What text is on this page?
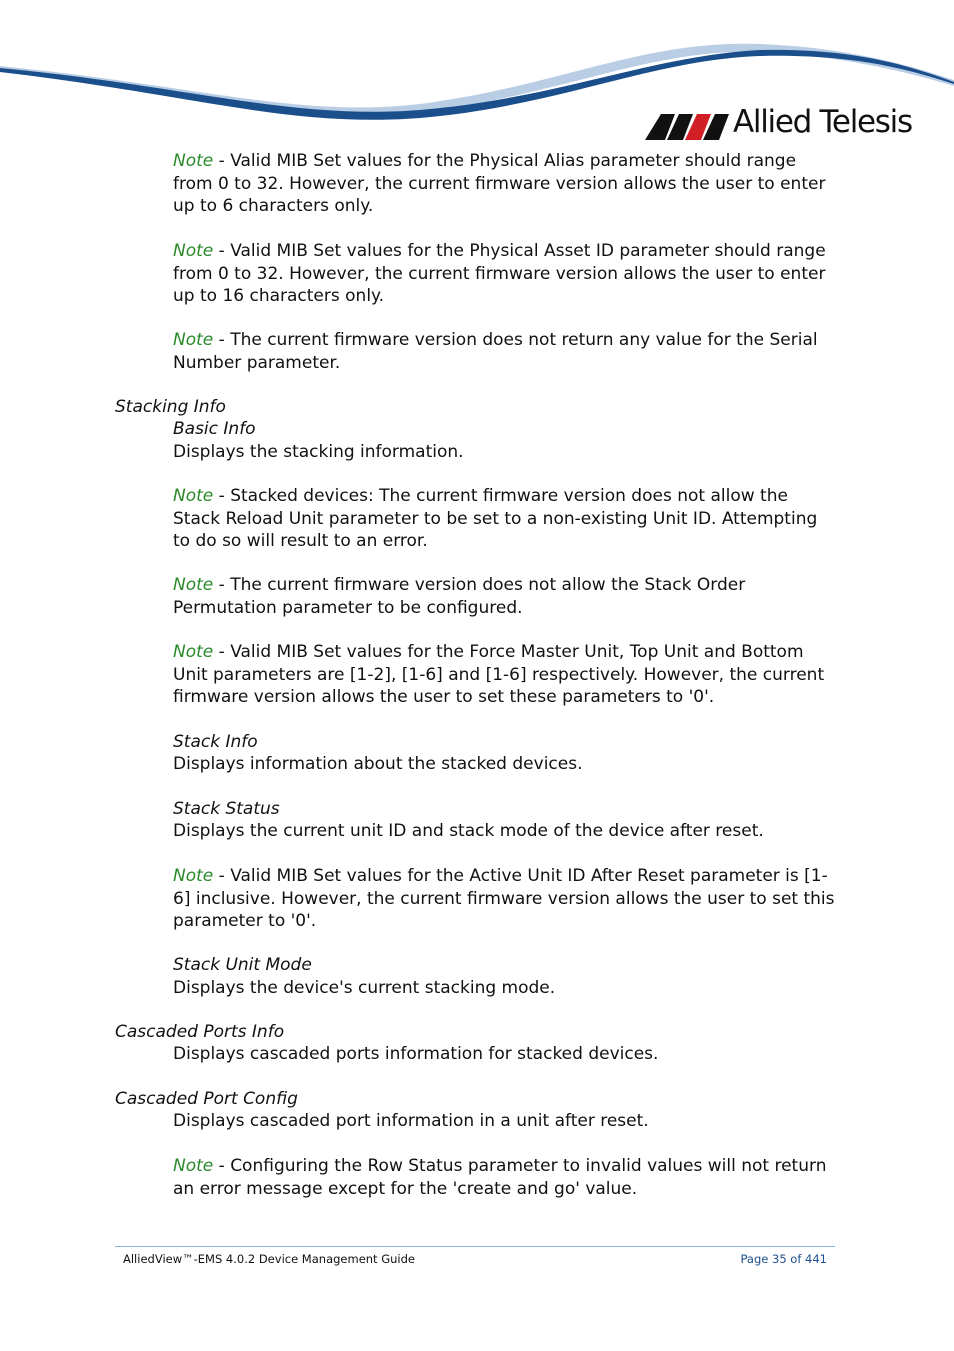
Allied Telesis
Note - Valid MIB Set values for the Physical Alias parameter should range from 0 to 32. However, the current firmware version allows the user to enter up to 6 characters only.
Note - Valid MIB Set values for the Physical Asset ID parameter should range from 0 to 32. However, the current firmware version allows the user to enter up to 16 characters only.
Note - The current firmware version does not return any value for the Serial Number parameter.
Stacking Info
Basic Info
Displays the stacking information.
Note - Stacked devices: The current firmware version does not allow the Stack Reload Unit parameter to be set to a non-existing Unit ID. Attempting to do so will result to an error.
Note - The current firmware version does not allow the Stack Order Permutation parameter to be configured.
Note - Valid MIB Set values for the Force Master Unit, Top Unit and Bottom Unit parameters are [1-2], [1-6] and [1-6] respectively. However, the current firmware version allows the user to set these parameters to '0'.
Stack Info
Displays information about the stacked devices.
Stack Status
Displays the current unit ID and stack mode of the device after reset.
Note - Valid MIB Set values for the Active Unit ID After Reset parameter is [1-6] inclusive. However, the current firmware version allows the user to set this parameter to '0'.
Stack Unit Mode
Displays the device's current stacking mode.
Cascaded Ports Info
Displays cascaded ports information for stacked devices.
Cascaded Port Config
Displays cascaded port information in a unit after reset.
Note - Configuring the Row Status parameter to invalid values will not return an error message except for the 'create and go' value.
AlliedView™-EMS 4.0.2 Device Management Guide	Page 35 of 441
